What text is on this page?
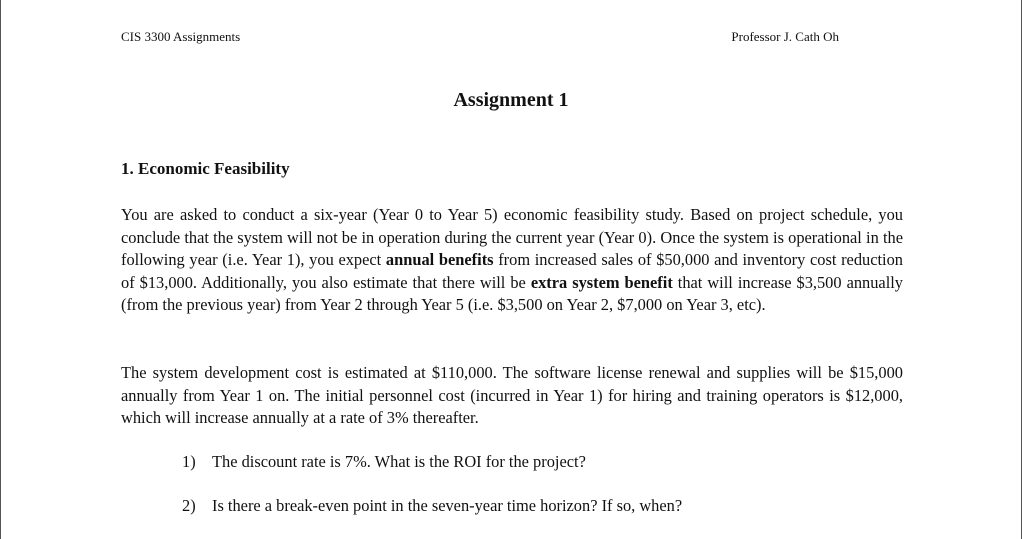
CIS 3300 Assignments	Professor J. Cath Oh
Assignment 1
1. Economic Feasibility

You are asked to conduct a six-year (Year 0 to Year 5) economic feasibility study. Based on project schedule, you conclude that the system will not be in operation during the current year (Year 0). Once the system is operational in the following year (i.e. Year 1), you expect annual benefits from increased sales of $50,000 and inventory cost reduction of $13,000. Additionally, you also estimate that there will be extra system benefit that will increase $3,500 annually (from the previous year) from Year 2 through Year 5 (i.e. $3,500 on Year 2, $7,000 on Year 3, etc).

The system development cost is estimated at $110,000. The software license renewal and supplies will be $15,000 annually from Year 1 on. The initial personnel cost (incurred in Year 1) for hiring and training operators is $12,000, which will increase annually at a rate of 3% thereafter.

1) The discount rate is 7%. What is the ROI for the project?
2) Is there a break-even point in the seven-year time horizon? If so, when?
